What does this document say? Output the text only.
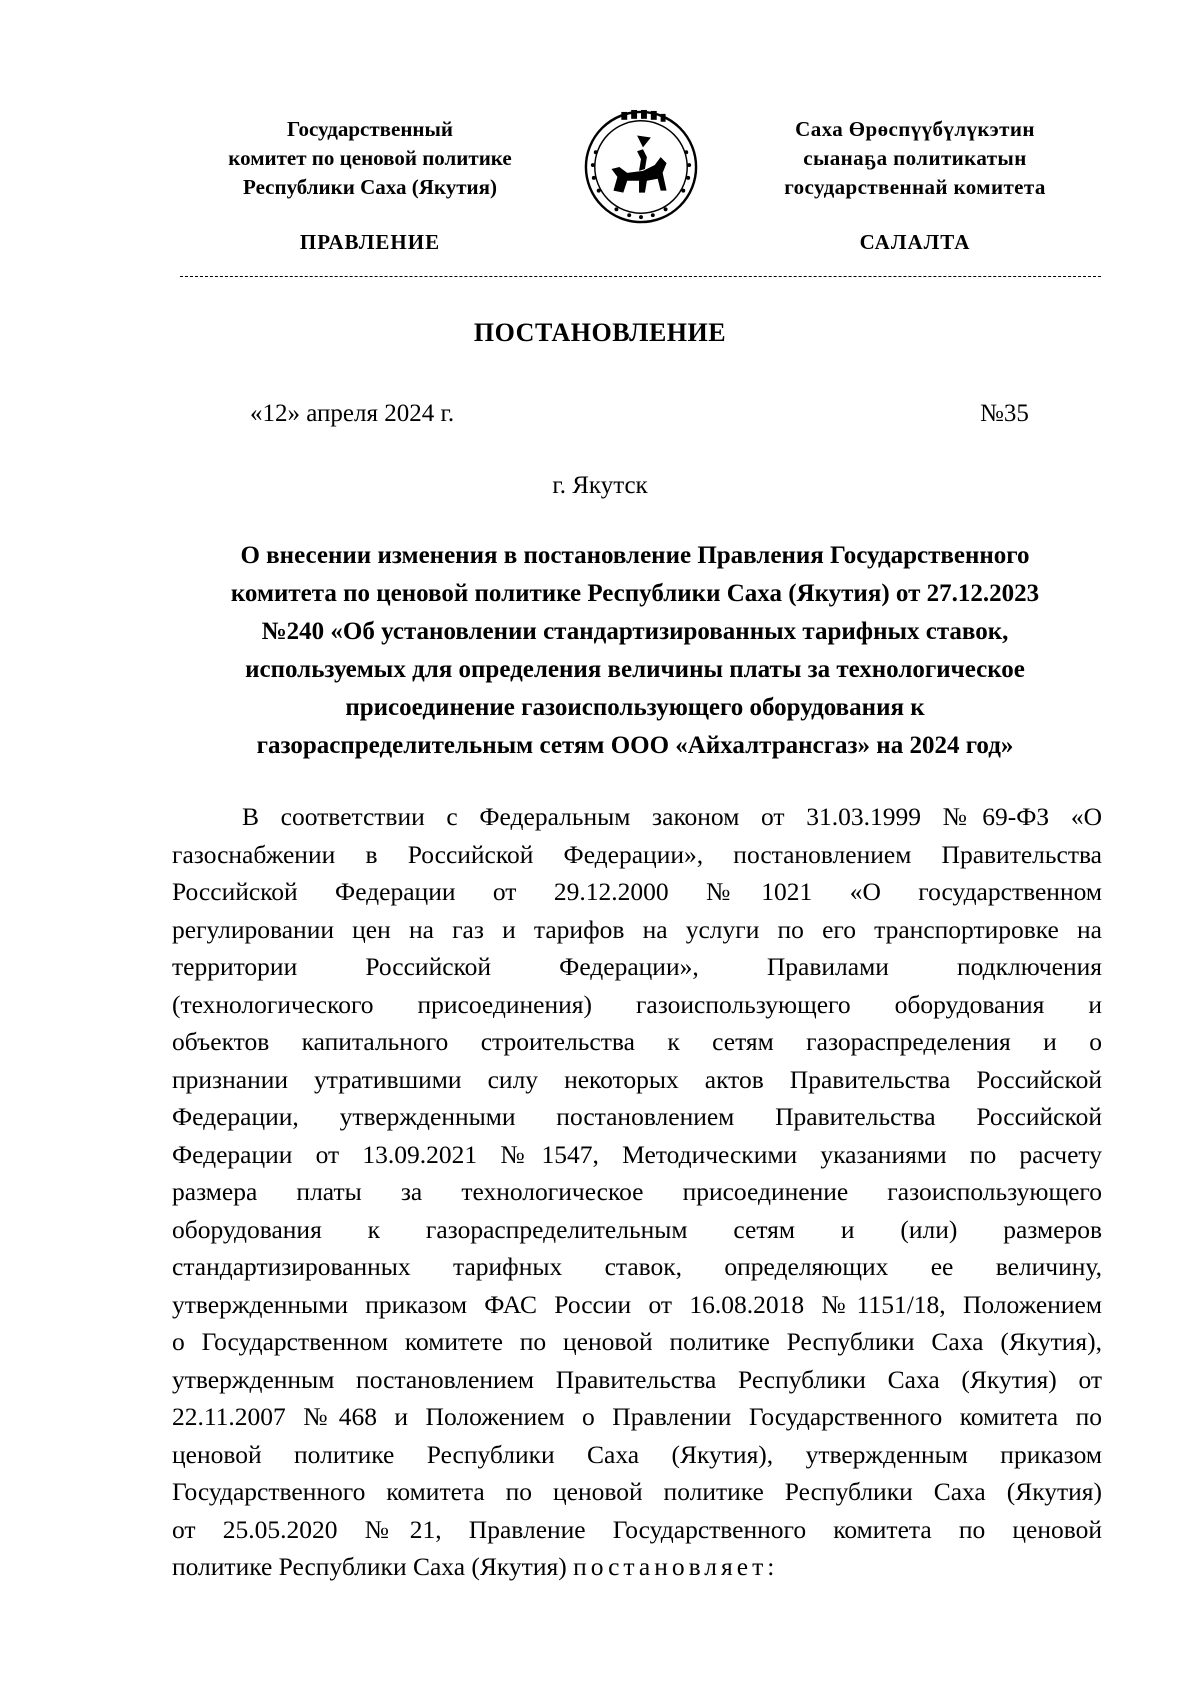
Государственный
комитет по ценовой политике
Республики Саха (Якутия)
Саха Өрөспүүбүлүкэтин
сыанаҕа политикатын
государственнай комитета
ПРАВЛЕНИЕ	САЛАЛТА
ПОСТАНОВЛЕНИЕ
«12» апреля 2024 г.	№35
г. Якутск
О внесении изменения в постановление Правления Государственного
комитета по ценовой политике Республики Саха (Якутия) от 27.12.2023
№240 «Об установлении стандартизированных тарифных ставок,
используемых для определения величины платы за технологическое
присоединение газоиспользующего оборудования к
газораспределительным сетям ООО «Айхалтрансгаз» на 2024 год»
В соответствии с Федеральным законом от 31.03.1999 №69-ФЗ «О
газоснабжении в Российской Федерации», постановлением Правительства
Российской Федерации от 29.12.2000 №1021 «О государственном
регулировании цен на газ и тарифов на услуги по его транспортировке на
территории Российской Федерации», Правилами подключения
(технологического присоединения) газоиспользующего оборудования и
объектов капитального строительства к сетям газораспределения и о
признании утратившими силу некоторых актов Правительства Российской
Федерации, утвержденными постановлением Правительства Российской
Федерации от 13.09.2021 №1547, Методическими указаниями по расчету
размера платы за технологическое присоединение газоиспользующего
оборудования к газораспределительным сетям и (или) размеров
стандартизированных тарифных ставок, определяющих ее величину,
утвержденными приказом ФАС России от 16.08.2018 №1151/18, Положением
о Государственном комитете по ценовой политике Республики Саха (Якутия),
утвержденным постановлением Правительства Республики Саха (Якутия) от
22.11.2007 №468 и Положением о Правлении Государственного комитета по
ценовой политике Республики Саха (Якутия), утвержденным приказом
Государственного комитета по ценовой политике Республики Саха (Якутия)
от 25.05.2020 №21, Правление Государственного комитета по ценовой
политике Республики Саха (Якутия) постановляет:
